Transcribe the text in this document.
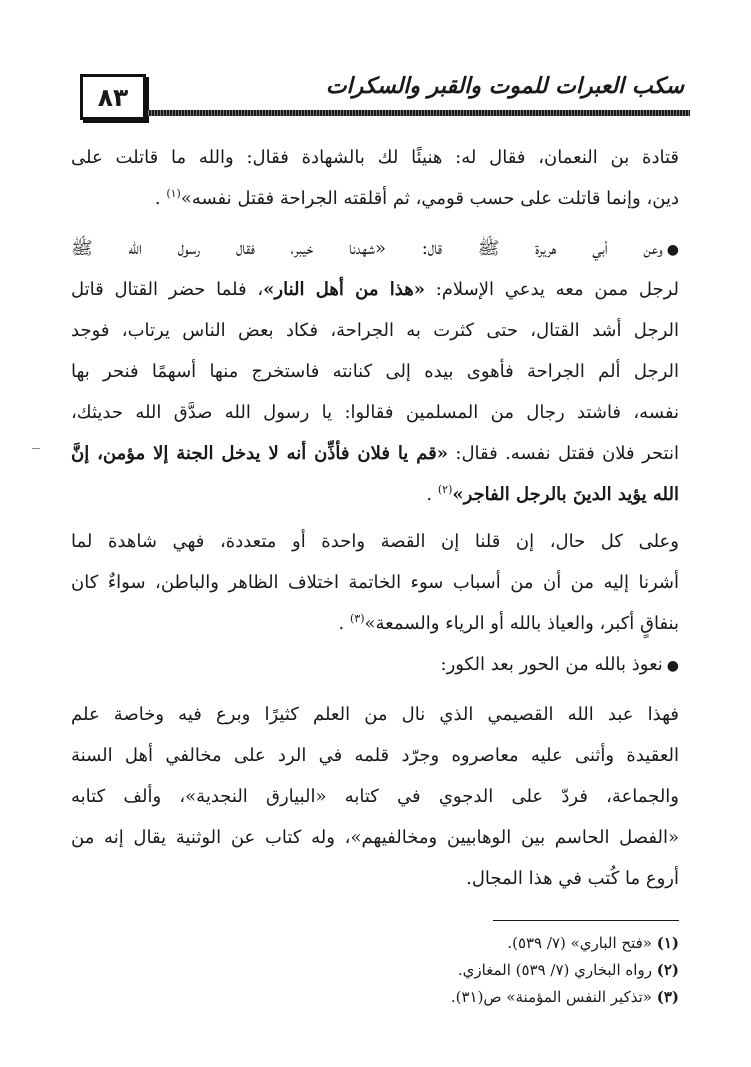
٨٣	سكب العبرات للموت والقبر والسكرات
قتادة بن النعمان، فقال له: هنيئًا لك بالشهادة فقال: والله ما قاتلت على
دين، وإنما قاتلت على حسب قومي، ثم أقلقته الجراحة فقتل نفسه»$^{(١)}$ .
●وعن أبي هريرة ﷺ قال: «شهدنا خيبر، فقال رسول الله ﷺ
لرجل ممن معه يدعي الإسلام: «هذا من أهل النار»، فلما حضر القتال قاتل
الرجل أشد القتال، حتى كثرت به الجراحة، فكاد بعض الناس يرتاب، فوجد
الرجل ألم الجراحة فأهوى بيده إلى كنانته فاستخرج منها أسهمًا فنحر بها
نفسه، فاشتد رجال من المسلمين فقالوا: يا رسول الله صدَّق الله حديثك،
انتحر فلان فقتل نفسه. فقال: «قم يا فلان فأذِّن أنه لا يدخل الجنة إلا مؤمن، إنَّ
الله يؤيد الدينَ بالرجل الفاجر»$^{(٢)}$ .
وعلى كل حال، إن قلنا إن القصة واحدة أو متعددة، فهي شاهدة لما
أشرنا إليه من أن من أسباب سوء الخاتمة اختلاف الظاهر والباطن، سواءٌ كان
بنفاقٍ أكبر، والعياذ بالله أو الرياء والسمعة»$^{(٣)}$ .
●نعوذ بالله من الحور بعد الكور:
فهذا عبد الله القصيمي الذي نال من العلم كثيرًا وبرع فيه وخاصة علم
العقيدة وأثنى عليه معاصروه وجرّد قلمه في الرد على مخالفي أهل السنة
والجماعة، فردّ على الدجوي في كتابه «البيارق النجدية»، وألف كتابه
«الفصل الحاسم بين الوهابيين ومخالفيهم»، وله كتاب عن الوثنية يقال إنه من
أروع ما كُتب في هذا المجال.
(١) «فتح الباري» (٧/ ٥٣٩).
(٢) رواه البخاري (٧/ ٥٣٩) المغازي.
(٣) «تذكير النفس المؤمنة» ص(٣١).
